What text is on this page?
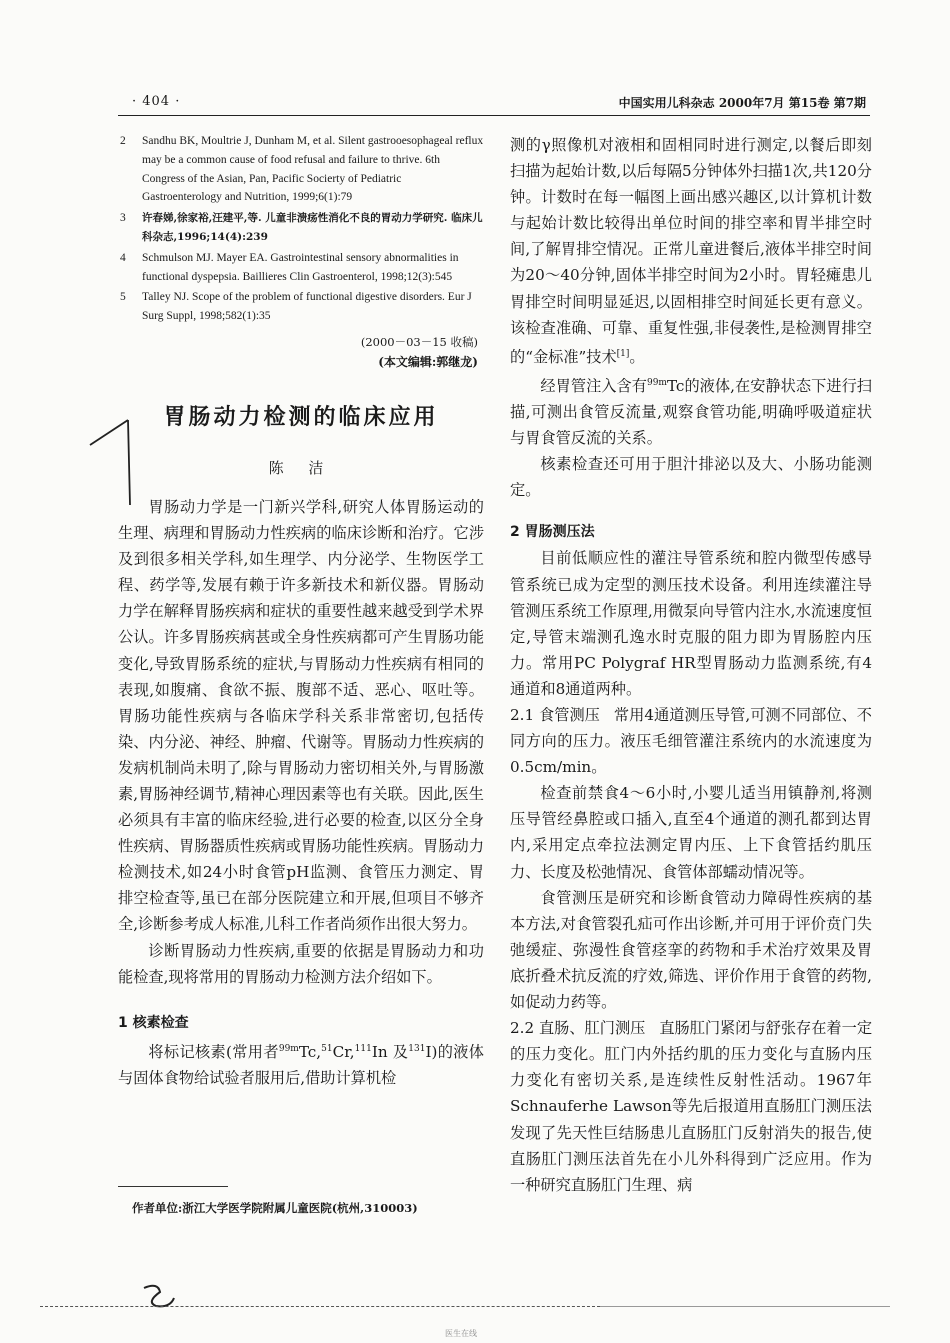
· 404 ·	中国实用儿科杂志 2000年7月 第15卷 第7期
2	Sandhu BK, Moultrie J, Dunham M, et al. Silent gastrooesophageal reflux may be a common cause of food refusal and failure to thrive. 6th Congress of the Asian, Pan, Pacific Socierty of Pediatric Gastroenterology and Nutrition, 1999;6(1):79
3	许春娣,徐家裕,汪建平,等. 儿童非溃疡性消化不良的胃动力学研究. 临床儿科杂志,1996;14(4):239
4	Schmulson MJ. Mayer EA. Gastrointestinal sensory abnormalities in functional dyspepsia. Baillieres Clin Gastroenterol, 1998;12(3):545
5	Talley NJ. Scope of the problem of functional digestive disorders. Eur J Surg Suppl, 1998;582(1):35
(2000－03－15 收稿)
(本文编辑:郭继龙)
胃肠动力检测的临床应用
陈 洁

胃肠动力学是一门新兴学科,研究人体胃肠运动的生理、病理和胃肠动力性疾病的临床诊断和治疗。它涉及到很多相关学科,如生理学、内分泌学、生物医学工程、药学等,发展有赖于许多新技术和新仪器。胃肠动力学在解释胃肠疾病和症状的重要性越来越受到学术界公认。许多胃肠疾病甚或全身性疾病都可产生胃肠功能变化,导致胃肠系统的症状,与胃肠动力性疾病有相同的表现,如腹痛、食欲不振、腹部不适、恶心、呕吐等。胃肠功能性疾病与各临床学科关系非常密切,包括传染、内分泌、神经、肿瘤、代谢等。胃肠动力性疾病的发病机制尚未明了,除与胃肠动力密切相关外,与胃肠激素,胃肠神经调节,精神心理因素等也有关联。因此,医生必须具有丰富的临床经验,进行必要的检查,以区分全身性疾病、胃肠器质性疾病或胃肠功能性疾病。胃肠动力检测技术,如24小时食管pH监测、食管压力测定、胃排空检查等,虽已在部分医院建立和开展,但项目不够齐全,诊断参考成人标准,儿科工作者尚须作出很大努力。

诊断胃肠动力性疾病,重要的依据是胃肠动力和功能检查,现将常用的胃肠动力检测方法介绍如下。

1 核素检查

将标记核素(常用者$^{99m}$Tc,$^{51}$Cr,$^{111}$In 及$^{131}$I)的液体与固体食物给试验者服用后,借助计算机检

测的γ照像机对液相和固相同时进行测定,以餐后即刻扫描为起始计数,以后每隔5分钟体外扫描1次,共120分钟。计数时在每一幅图上画出感兴趣区,以计算机计数与起始计数比较得出单位时间的排空率和胃半排空时间,了解胃排空情况。正常儿童进餐后,液体半排空时间为20～40分钟,固体半排空时间为2小时。胃轻瘫患儿胃排空时间明显延迟,以固相排空时间延长更有意义。该检查准确、可靠、重复性强,非侵袭性,是检测胃排空的“金标准”技术[1]。

经胃管注入含有$^{99m}$Tc的液体,在安静状态下进行扫描,可测出食管反流量,观察食管功能,明确呼吸道症状与胃食管反流的关系。

核素检查还可用于胆汁排泌以及大、小肠功能测定。

2 胃肠测压法

目前低顺应性的灌注导管系统和腔内微型传感导管系统已成为定型的测压技术设备。利用连续灌注导管测压系统工作原理,用微泵向导管内注水,水流速度恒定,导管末端测孔逸水时克服的阻力即为胃肠腔内压力。常用PC Polygraf HR型胃肠动力监测系统,有4通道和8通道两种。

2.1 食管测压 常用4通道测压导管,可测不同部位、不同方向的压力。液压毛细管灌注系统内的水流速度为0.5cm/min。

检查前禁食4～6小时,小婴儿适当用镇静剂,将测压导管经鼻腔或口插入,直至4个通道的测孔都到达胃内,采用定点牵拉法测定胃内压、上下食管括约肌压力、长度及松弛情况、食管体部蠕动情况等。

食管测压是研究和诊断食管动力障碍性疾病的基本方法,对食管裂孔疝可作出诊断,并可用于评价贲门失弛缓症、弥漫性食管痉挛的药物和手术治疗效果及胃底折叠术抗反流的疗效,筛选、评价作用于食管的药物,如促动力药等。

2.2 直肠、肛门测压 直肠肛门紧闭与舒张存在着一定的压力变化。肛门内外括约肌的压力变化与直肠内压力变化有密切关系,是连续性反射性活动。1967年Schnauferhe Lawson等先后报道用直肠肛门测压法发现了先天性巨结肠患儿直肠肛门反射消失的报告,使直肠肛门测压法首先在小儿外科得到广泛应用。作为一种研究直肠肛门生理、病
作者单位:浙江大学医学院附属儿童医院(杭州,310003)
医生在线
